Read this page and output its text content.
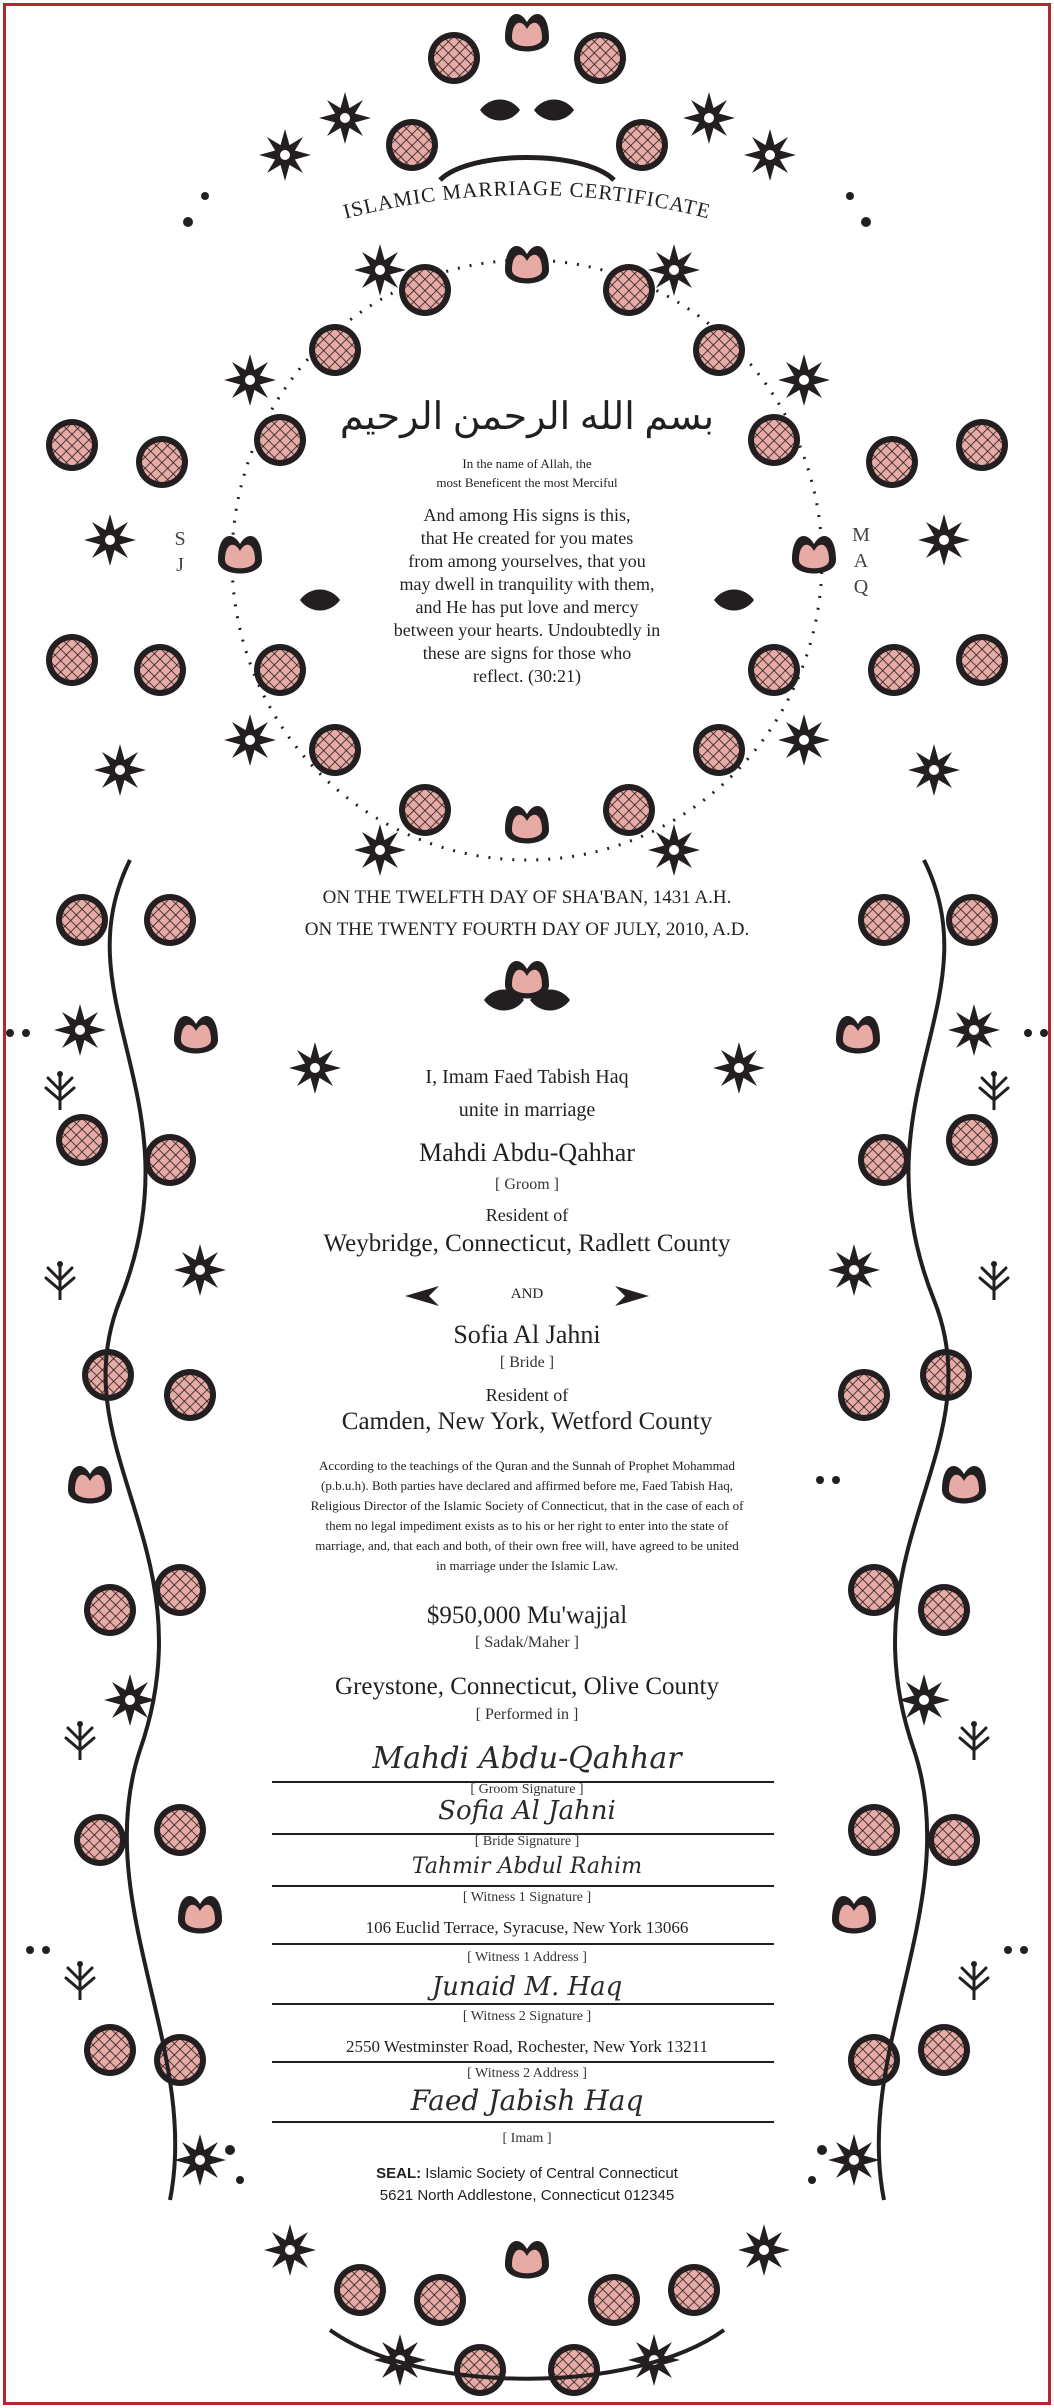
ISLAMIC MARRIAGE CERTIFICATE
SJ	MAQ
بسم الله الرحمن الرحيم
In the name of Allah, the
most Beneficent the most Merciful
And among His signs is this,
that He created for you mates
from among yourselves, that you
may dwell in tranquility with them,
and He has put love and mercy
between your hearts. Undoubtedly in
these are signs for those who
reflect. (30:21)
ON THE TWELFTH DAY OF SHA'BAN, 1431 A.H.
ON THE TWENTY FOURTH DAY OF JULY, 2010, A.D.
I, Imam Faed Tabish Haq
unite in marriage
Mahdi Abdu-Qahhar
[ Groom ]
Resident of
Weybridge, Connecticut, Radlett County
AND
Sofia Al Jahni
[ Bride ]
Resident of
Camden, New York, Wetford County
According to the teachings of the Quran and the Sunnah of Prophet Mohammad
(p.b.u.h). Both parties have declared and affirmed before me, Faed Tabish Haq,
Religious Director of the Islamic Society of Connecticut, that in the case of each of
them no legal impediment exists as to his or her right to enter into the state of
marriage, and, that each and both, of their own free will, have agreed to be united
in marriage under the Islamic Law.
$950,000 Mu'wajjal
[ Sadak/Maher ]
Greystone, Connecticut, Olive County
[ Performed in ]
Mahdi Abdu-Qahhar
[ Groom Signature ]
Sofia Al Jahni
[ Bride Signature ]
Tahmir Abdul Rahim
[ Witness 1 Signature ]
106 Euclid Terrace, Syracuse, New York 13066
[ Witness 1 Address ]
Junaid M. Haq
[ Witness 2 Signature ]
2550 Westminster Road, Rochester, New York 13211
[ Witness 2 Address ]
Faed Jabish Haq
[ Imam ]
SEAL: Islamic Society of Central Connecticut
5621 North Addlestone, Connecticut 012345
